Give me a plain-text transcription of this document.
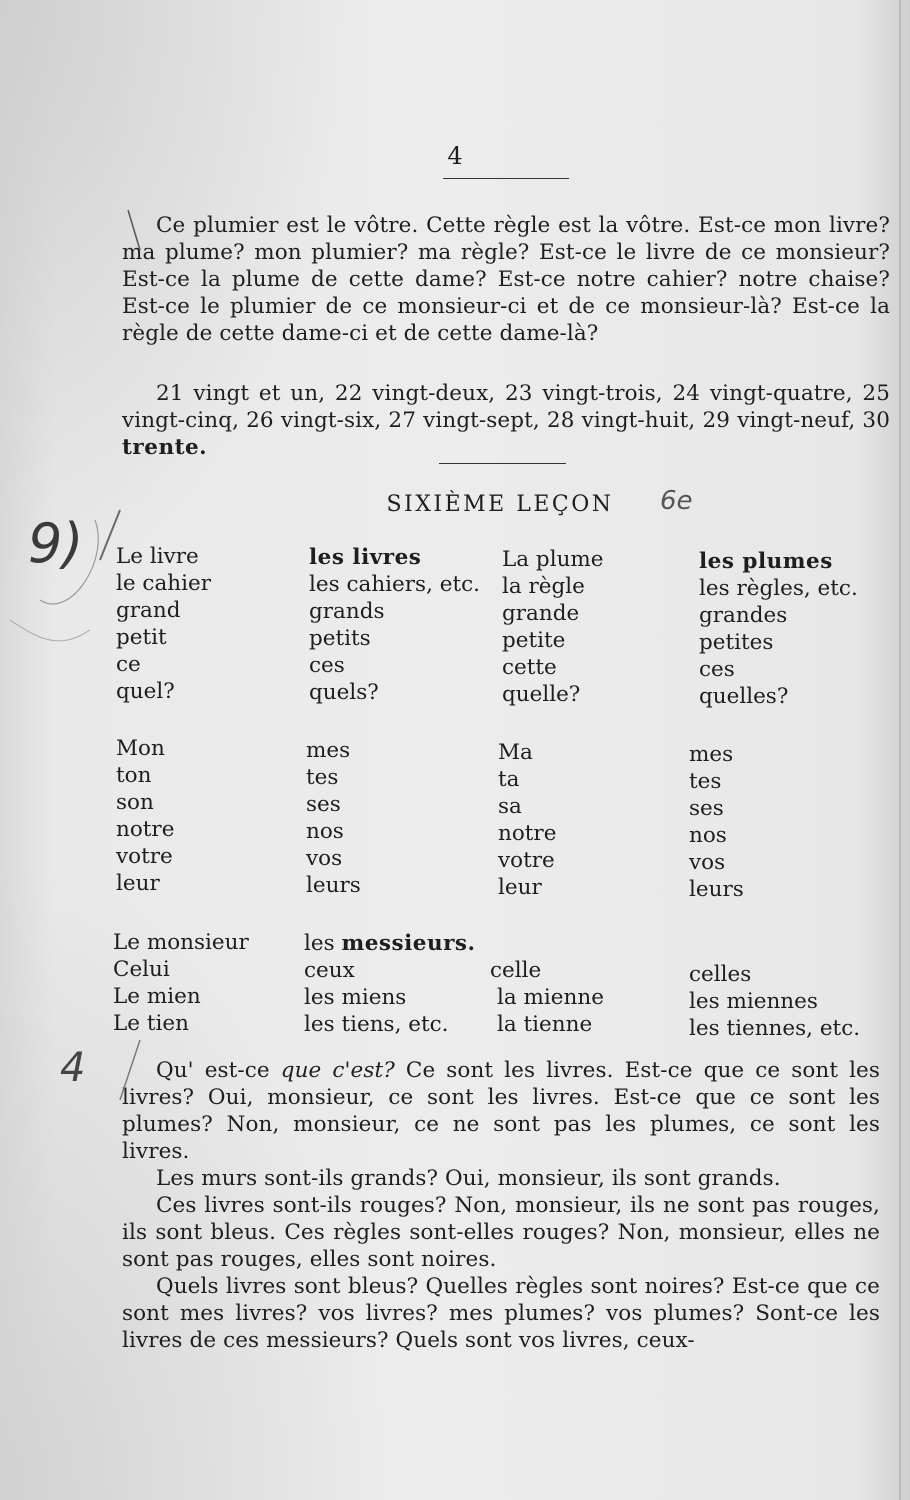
4
Ce plumier est le vôtre. Cette règle est la vôtre. Est-ce mon livre? ma plume? mon plumier? ma règle? Est-ce le livre de ce monsieur? Est-ce la plume de cette dame? Est-ce notre cahier? notre chaise? Est-ce le plumier de ce monsieur-ci et de ce monsieur-là? Est-ce la règle de cette dame-ci et de cette dame-là?
21 vingt et un, 22 vingt-deux, 23 vingt-trois, 24 vingt-quatre, 25 vingt-cinq, 26 vingt-six, 27 vingt-sept, 28 vingt-huit, 29 vingt-neuf, 30 trente.
SIXIÈME LEÇON	6e
9) Le livre
le cahier
grand
petit
ce
quel?
les livres
les cahiers, etc.
grands
petits
ces
quels?
La plume
la règle
grande
petite
cette
quelle?
les plumes
les règles, etc.
grandes
petites
ces
quelles?
Mon
ton
son
notre
votre
leur
mes
tes
ses
nos
vos
leurs
Ma
ta
sa
notre
votre
leur
mes
tes
ses
nos
vos
leurs
Le monsieur
Celui
Le mien
Le tien
les messieurs.
ceux
les miens
les tiens, etc.
celle
la mienne
la tienne
celles
les miennes
les tiennes, etc.
Qu' est-ce que c'est? Ce sont les livres. Est-ce que ce sont les livres? Oui, monsieur, ce sont les livres. Est-ce que ce sont les plumes? Non, monsieur, ce ne sont pas les plumes, ce sont les livres.
4
Les murs sont-ils grands? Oui, monsieur, ils sont grands.
Ces livres sont-ils rouges? Non, monsieur, ils ne sont pas rouges, ils sont bleus. Ces règles sont-elles rouges? Non, monsieur, elles ne sont pas rouges, elles sont noires.
Quels livres sont bleus? Quelles règles sont noires? Est-ce que ce sont mes livres? vos livres? mes plumes? vos plumes? Sont-ce les livres de ces messieurs? Quels sont vos livres, ceux-
